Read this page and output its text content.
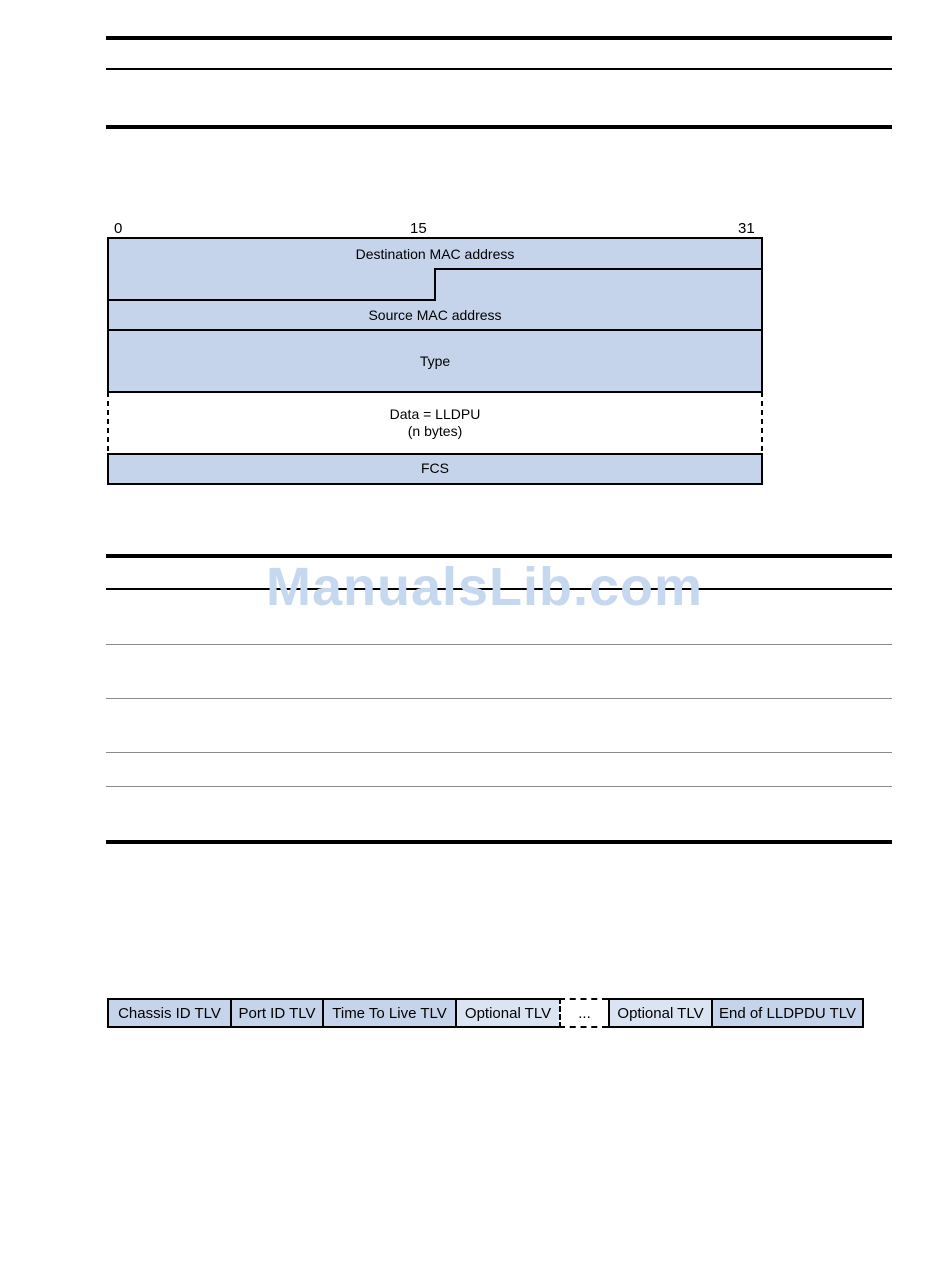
0	15	31
Destination MAC address
Source MAC address
Type
Data = LLDPU
(n bytes)
FCS
ManualsLib.com
Chassis ID TLV	Port ID TLV	Time To Live TLV	Optional TLV	...	Optional TLV	End of LLDPDU TLV
